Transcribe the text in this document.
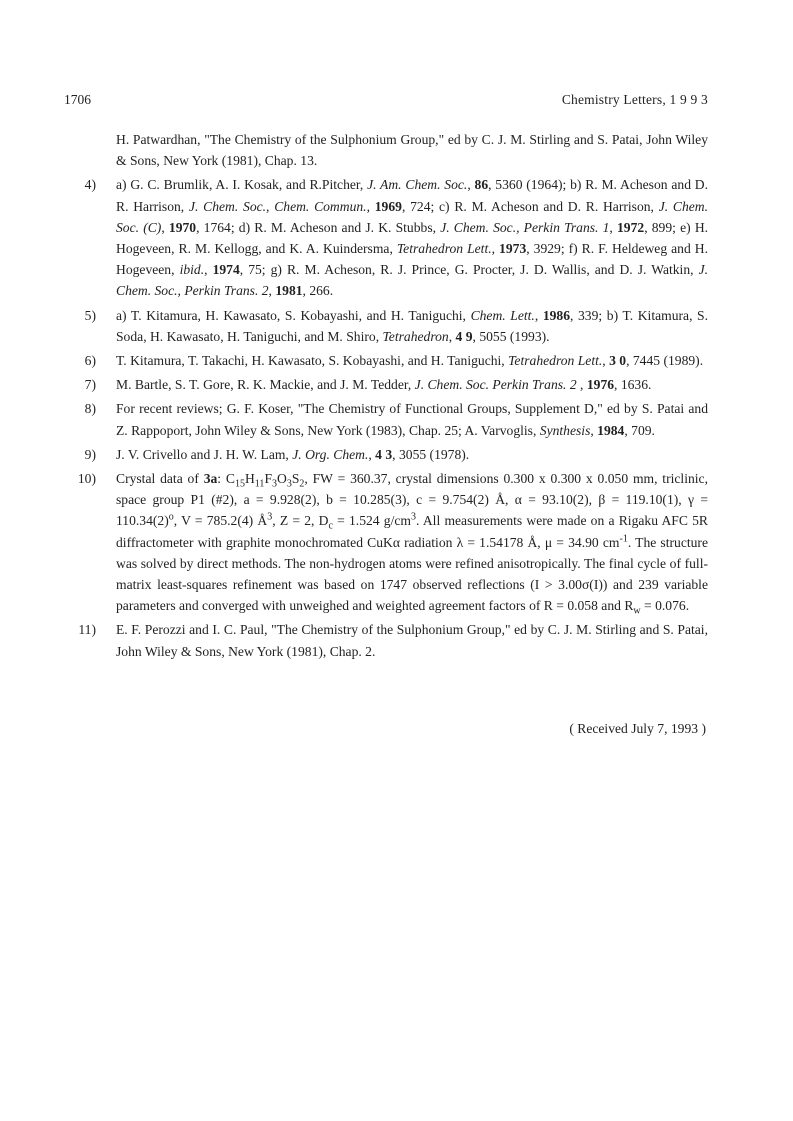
1706	Chemistry Letters, 1 9 9 3
H. Patwardhan, "The Chemistry of the Sulphonium Group," ed by C. J. M. Stirling and S. Patai, John Wiley & Sons, New York (1981), Chap. 13.
4) a) G. C. Brumlik, A. I. Kosak, and R.Pitcher, J. Am. Chem. Soc., 86, 5360 (1964); b) R. M. Acheson and D. R. Harrison, J. Chem. Soc., Chem. Commun., 1969, 724; c) R. M. Acheson and D. R. Harrison, J. Chem. Soc. (C), 1970, 1764; d) R. M. Acheson and J. K. Stubbs, J. Chem. Soc., Perkin Trans. 1, 1972, 899; e) H. Hogeveen, R. M. Kellogg, and K. A. Kuindersma, Tetrahedron Lett., 1973, 3929; f) R. F. Heldeweg and H. Hogeveen, ibid., 1974, 75; g) R. M. Acheson, R. J. Prince, G. Procter, J. D. Wallis, and D. J. Watkin, J. Chem. Soc., Perkin Trans. 2, 1981, 266.
5) a) T. Kitamura, H. Kawasato, S. Kobayashi, and H. Taniguchi, Chem. Lett., 1986, 339; b) T. Kitamura, S. Soda, H. Kawasato, H. Taniguchi, and M. Shiro, Tetrahedron, 4 9, 5055 (1993).
6) T. Kitamura, T. Takachi, H. Kawasato, S. Kobayashi, and H. Taniguchi, Tetrahedron Lett., 3 0, 7445 (1989).
7) M. Bartle, S. T. Gore, R. K. Mackie, and J. M. Tedder, J. Chem. Soc. Perkin Trans. 2 , 1976, 1636.
8) For recent reviews; G. F. Koser, "The Chemistry of Functional Groups, Supplement D," ed by S. Patai and Z. Rappoport, John Wiley & Sons, New York (1983), Chap. 25; A. Varvoglis, Synthesis, 1984, 709.
9) J. V. Crivello and J. H. W. Lam, J. Org. Chem., 4 3, 3055 (1978).
10) Crystal data of 3a: $C_{15}H_{11}F_3O_3S_2$, FW = 360.37, crystal dimensions 0.300 x 0.300 x 0.050 mm, triclinic, space group P1 (#2), a = 9.928(2), b = 10.285(3), c = 9.754(2) Å, α = 93.10(2), β = 119.10(1), $\gamma = 110.34(2)^o$, V = 785.2(4) $Å^3$, Z = 2, $D_c = 1.524$ $g/cm^3$. All measurements were made on a Rigaku AFC 5R diffractometer with graphite monochromated CuKα radiation λ = 1.54178 Å, μ = 34.90 $cm^{-1}$. The structure was solved by direct methods. The non-hydrogen atoms were refined anisotropically. The final cycle of full-matrix least-squares refinement was based on 1747 observed reflections (I > 3.00σ(I)) and 239 variable parameters and converged with unweighed and weighted agreement factors of R = 0.058 and $R_w = 0.076$.
11) E. F. Perozzi and I. C. Paul, "The Chemistry of the Sulphonium Group," ed by C. J. M. Stirling and S. Patai, John Wiley & Sons, New York (1981), Chap. 2.
( Received July 7, 1993 )
